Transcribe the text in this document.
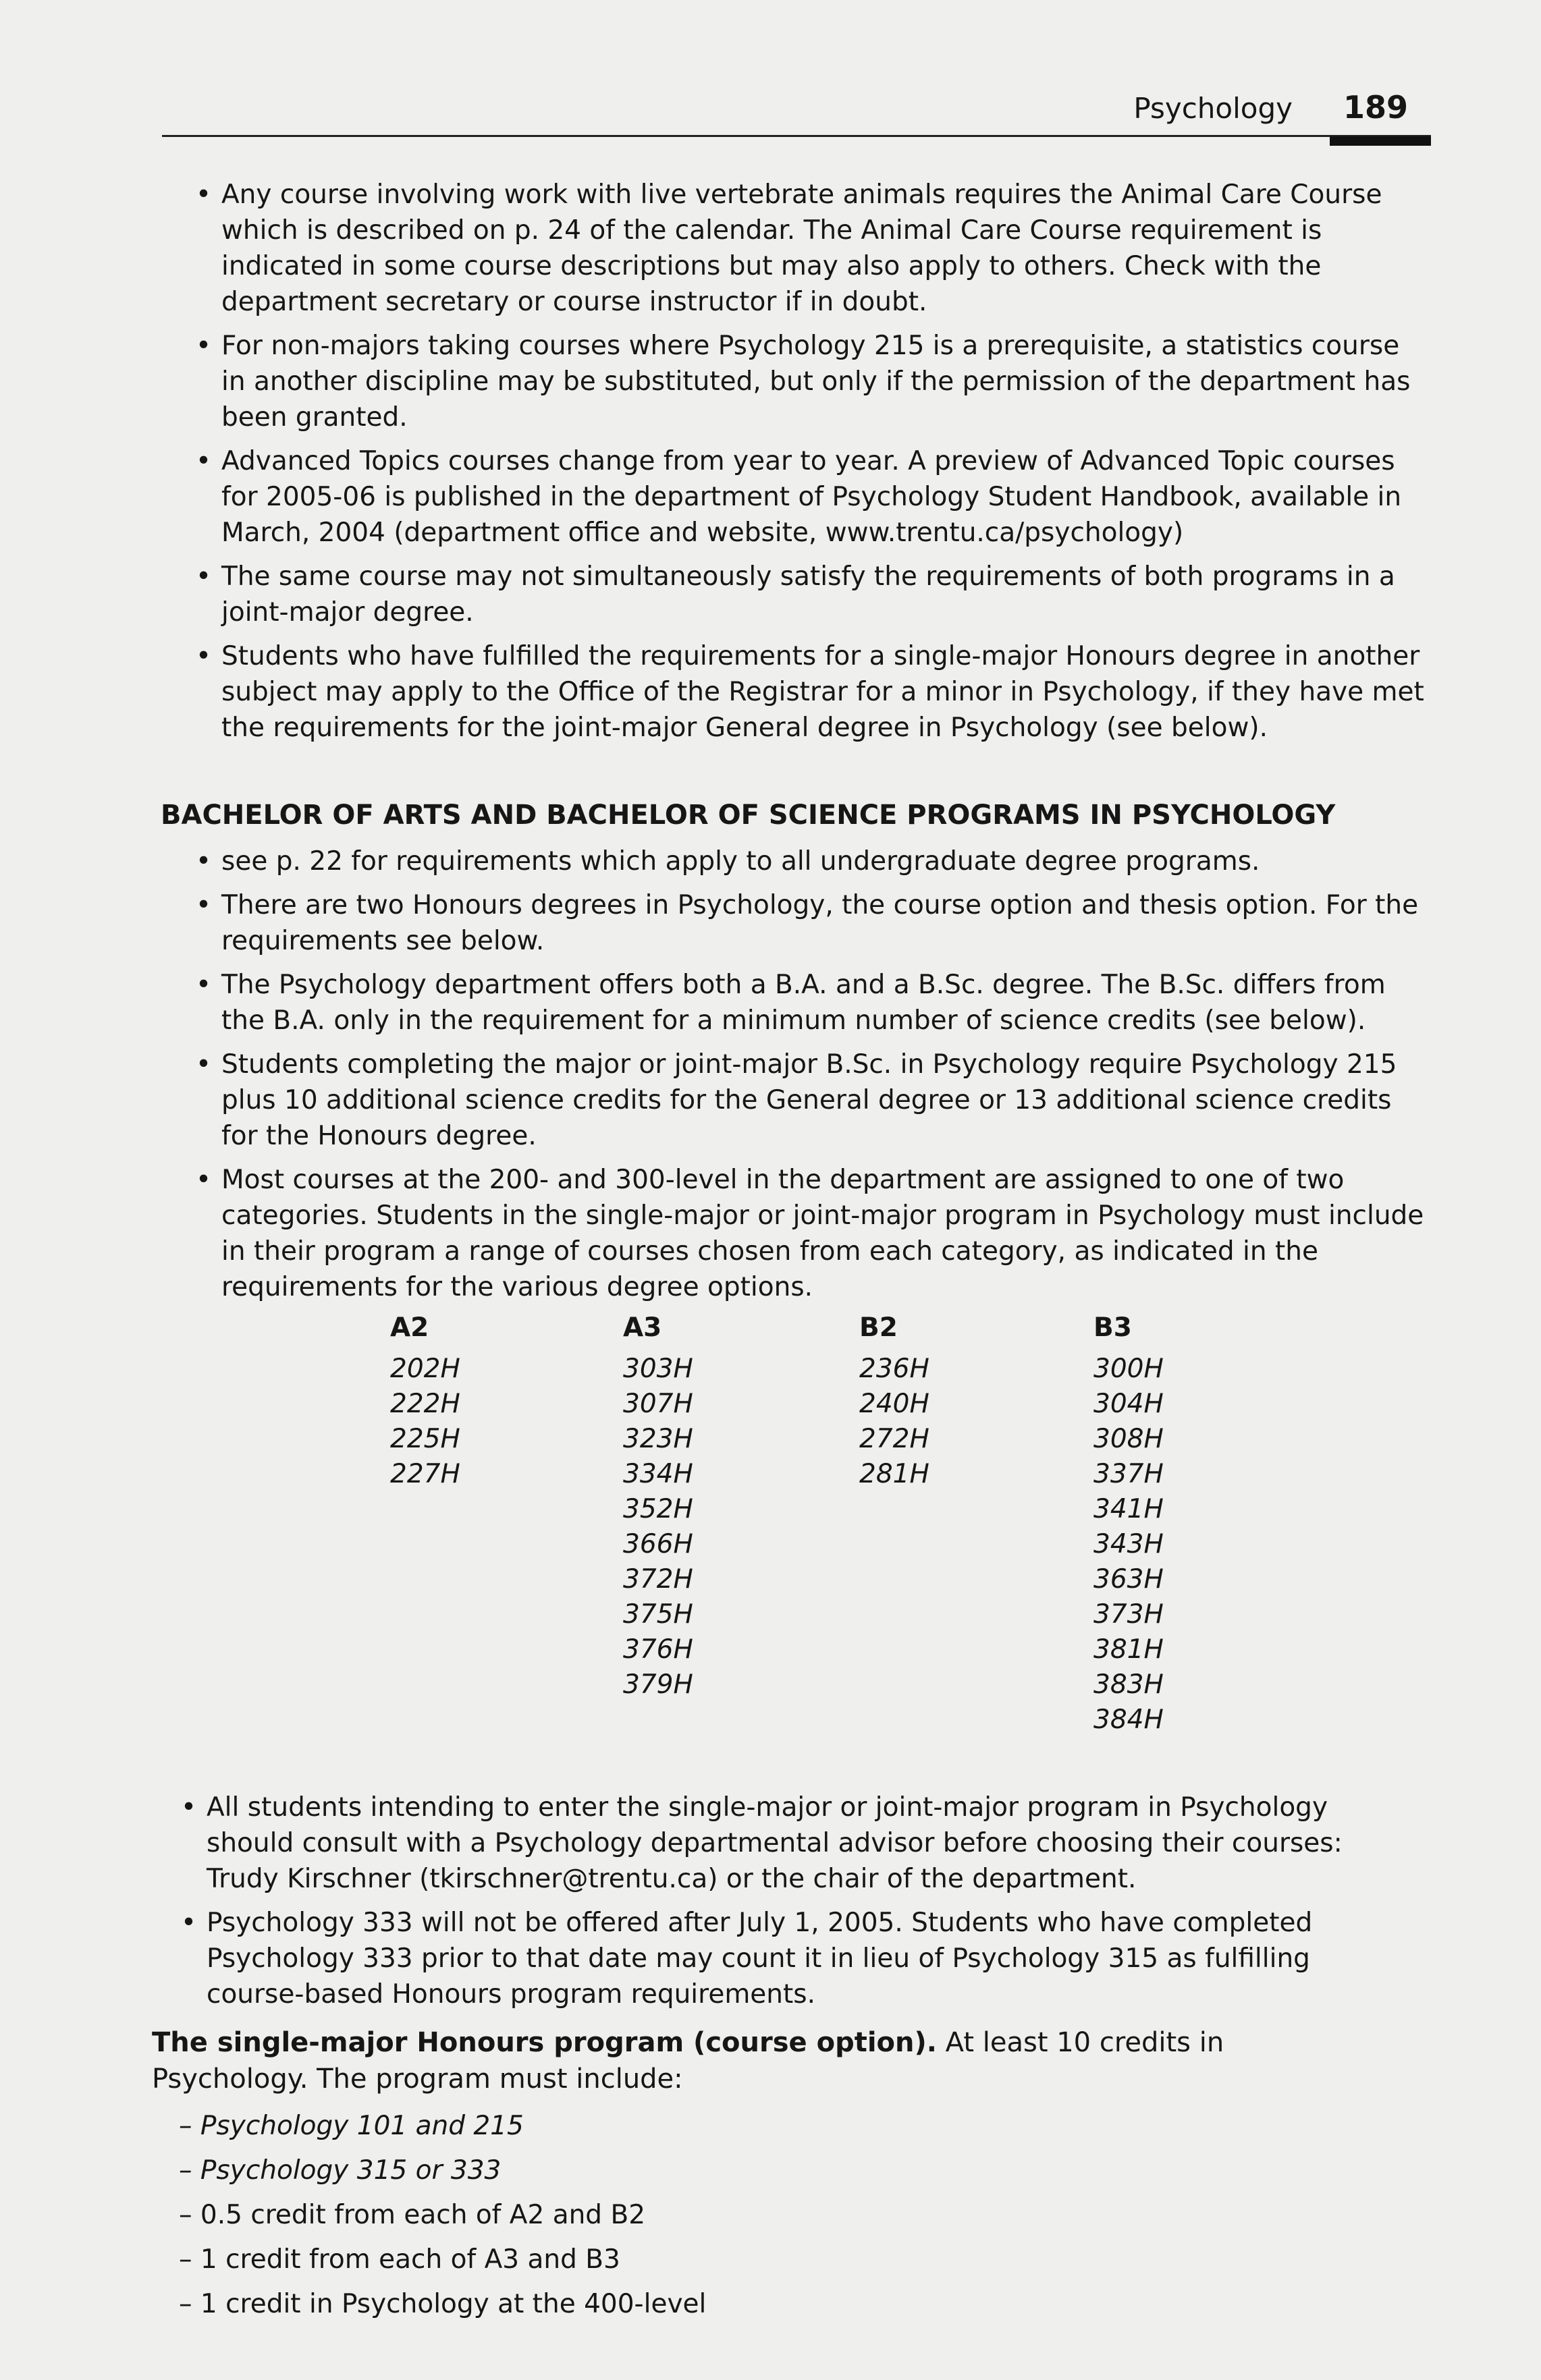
Psychology 189
• Any course involving work with live vertebrate animals requires the Animal Care Course which is described on p. 24 of the calendar. The Animal Care Course requirement is indicated in some course descriptions but may also apply to others. Check with the department secretary or course instructor if in doubt.
• For non-majors taking courses where Psychology 215 is a prerequisite, a statistics course in another discipline may be substituted, but only if the permission of the department has been granted.
• Advanced Topics courses change from year to year. A preview of Advanced Topic courses for 2005-06 is published in the department of Psychology Student Handbook, available in March, 2004 (department office and website, www.trentu.ca/psychology)
• The same course may not simultaneously satisfy the requirements of both programs in a joint-major degree.
• Students who have fulfilled the requirements for a single-major Honours degree in another subject may apply to the Office of the Registrar for a minor in Psychology, if they have met the requirements for the joint-major General degree in Psychology (see below).
BACHELOR OF ARTS AND BACHELOR OF SCIENCE PROGRAMS IN PSYCHOLOGY
• see p. 22 for requirements which apply to all undergraduate degree programs.
• There are two Honours degrees in Psychology, the course option and thesis option. For the requirements see below.
• The Psychology department offers both a B.A. and a B.Sc. degree. The B.Sc. differs from the B.A. only in the requirement for a minimum number of science credits (see below).
• Students completing the major or joint-major B.Sc. in Psychology require Psychology 215 plus 10 additional science credits for the General degree or 13 additional science credits for the Honours degree.
• Most courses at the 200- and 300-level in the department are assigned to one of two categories. Students in the single-major or joint-major program in Psychology must include in their program a range of courses chosen from each category, as indicated in the requirements for the various degree options.
A2
202H
222H
225H
227H
A3
303H
307H
323H
334H
352H
366H
372H
375H
376H
379H
B2
236H
240H
272H
281H
B3
300H
304H
308H
337H
341H
343H
363H
373H
381H
383H
384H
• All students intending to enter the single-major or joint-major program in Psychology should consult with a Psychology departmental advisor before choosing their courses: Trudy Kirschner (tkirschner@trentu.ca) or the chair of the department.
• Psychology 333 will not be offered after July 1, 2005. Students who have completed Psychology 333 prior to that date may count it in lieu of Psychology 315 as fulfilling course-based Honours program requirements.

The single-major Honours program (course option). At least 10 credits in Psychology. The program must include:

– Psychology 101 and 215
– Psychology 315 or 333
– 0.5 credit from each of A2 and B2
– 1 credit from each of A3 and B3
– 1 credit in Psychology at the 400-level
